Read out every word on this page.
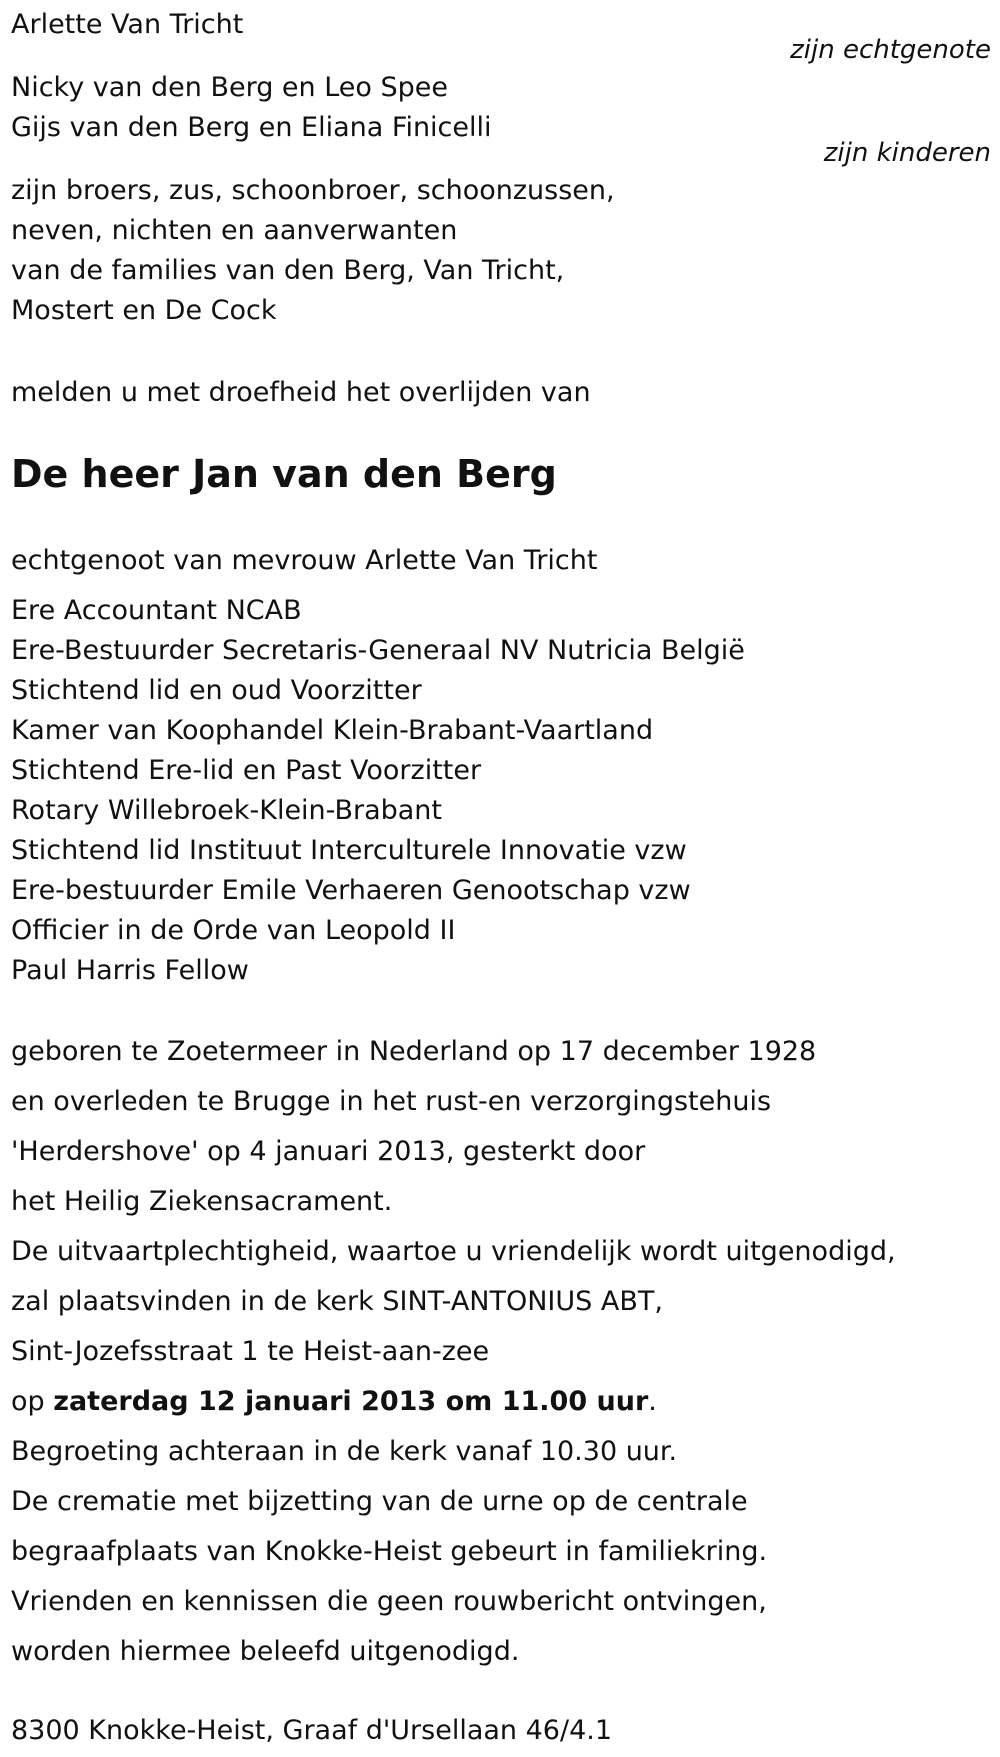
Arlette Van Tricht
zijn echtgenote
Nicky van den Berg en Leo Spee
Gijs van den Berg en Eliana Finicelli
zijn kinderen
zijn broers, zus, schoonbroer, schoonzussen,
neven, nichten en aanverwanten
van de families van den Berg, Van Tricht,
Mostert en De Cock
melden u met droefheid het overlijden van
De heer Jan van den Berg
echtgenoot van mevrouw Arlette Van Tricht
Ere Accountant NCAB
Ere-Bestuurder Secretaris-Generaal NV Nutricia België
Stichtend lid en oud Voorzitter
Kamer van Koophandel Klein-Brabant-Vaartland
Stichtend Ere-lid en Past Voorzitter
Rotary Willebroek-Klein-Brabant
Stichtend lid Instituut Interculturele Innovatie vzw
Ere-bestuurder Emile Verhaeren Genootschap vzw
Officier in de Orde van Leopold II
Paul Harris Fellow
geboren te Zoetermeer in Nederland op 17 december 1928
en overleden te Brugge in het rust-en verzorgingstehuis
'Herdershove' op 4 januari 2013, gesterkt door
het Heilig Ziekensacrament.
De uitvaartplechtigheid, waartoe u vriendelijk wordt uitgenodigd,
zal plaatsvinden in de kerk SINT-ANTONIUS ABT,
Sint-Jozefsstraat 1 te Heist-aan-zee
op zaterdag 12 januari 2013 om 11.00 uur.
Begroeting achteraan in de kerk vanaf 10.30 uur.
De crematie met bijzetting van de urne op de centrale
begraafplaats van Knokke-Heist gebeurt in familiekring.
Vrienden en kennissen die geen rouwbericht ontvingen,
worden hiermee beleefd uitgenodigd.
8300 Knokke-Heist, Graaf d'Ursellaan 46/4.1
